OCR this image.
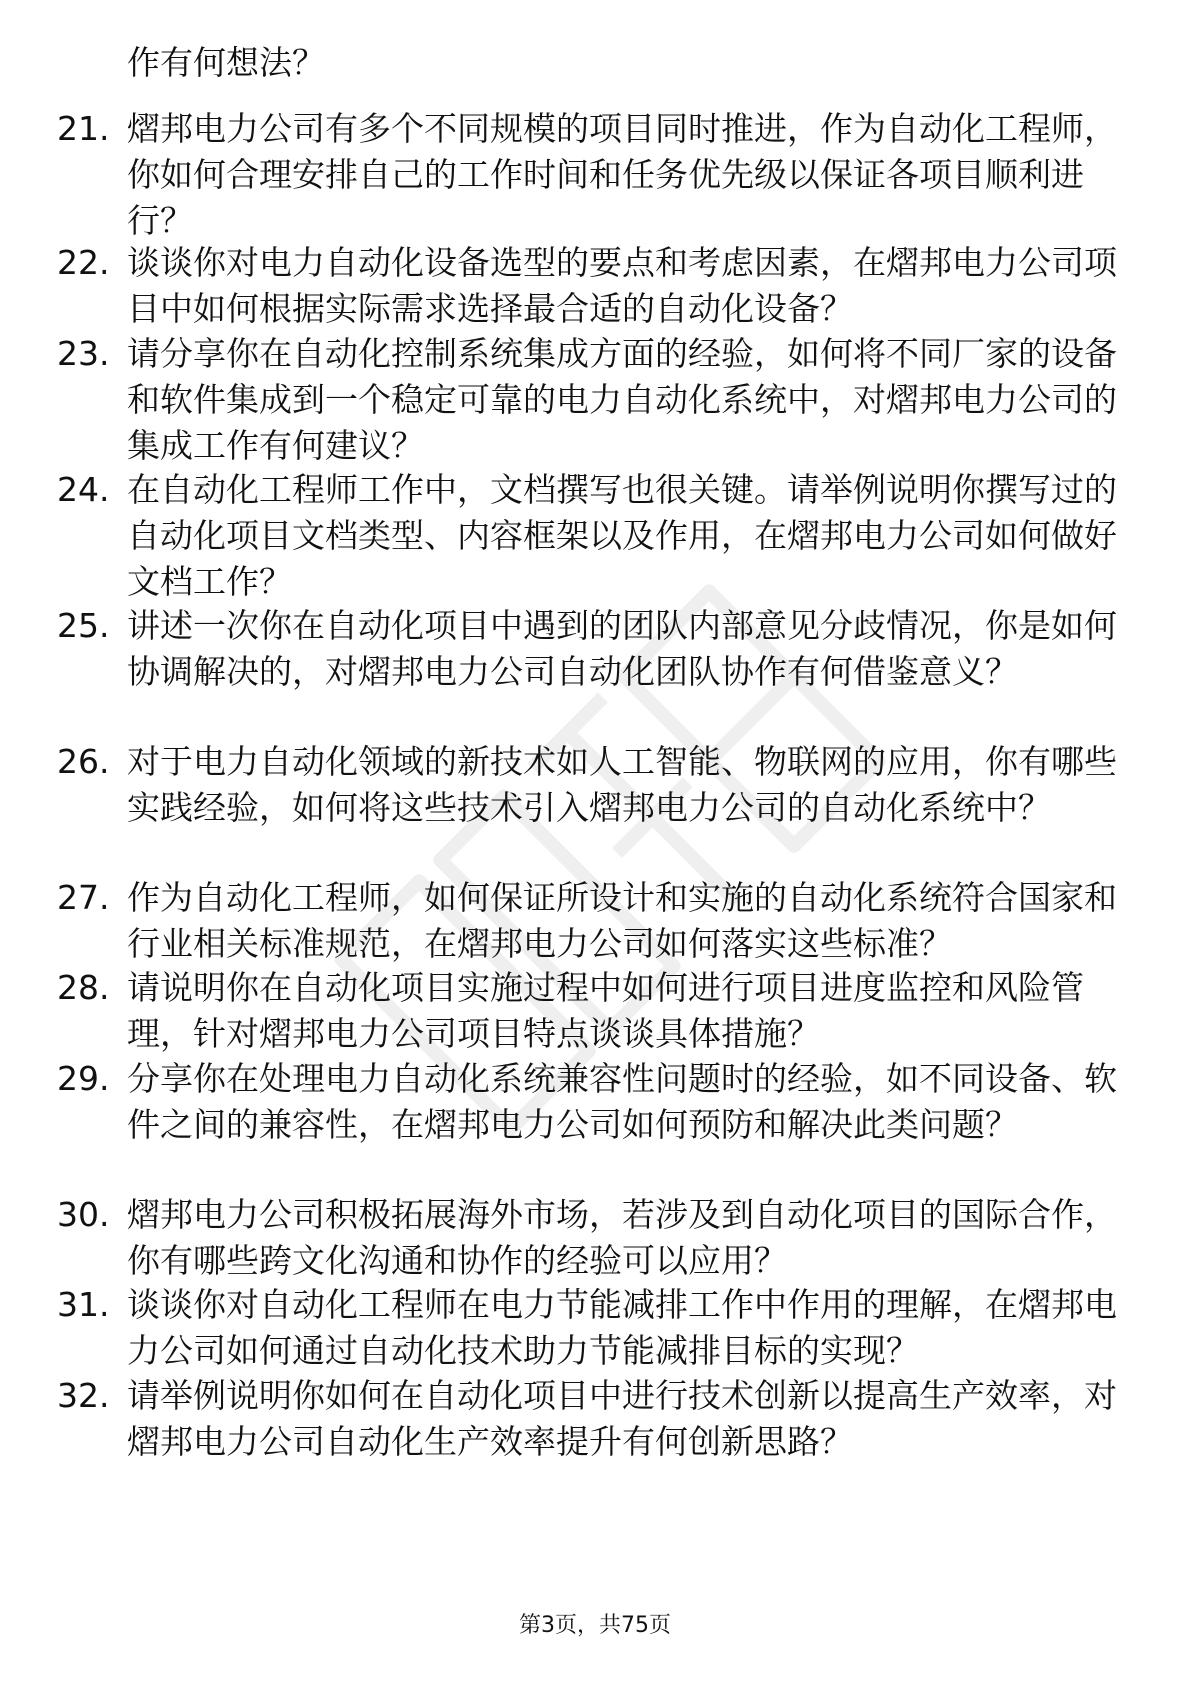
作有何想法？
21. 熠邦电力公司有多个不同规模的项目同时推进，作为自动化工程师，你如何合理安排自己的工作时间和任务优先级以保证各项目顺利进行？
22. 谈谈你对电力自动化设备选型的要点和考虑因素，在熠邦电力公司项目中如何根据实际需求选择最合适的自动化设备？
23. 请分享你在自动化控制系统集成方面的经验，如何将不同厂家的设备和软件集成到一个稳定可靠的电力自动化系统中，对熠邦电力公司的集成工作有何建议？
24. 在自动化工程师工作中，文档撰写也很关键。请举例说明你撰写过的自动化项目文档类型、内容框架以及作用，在熠邦电力公司如何做好文档工作？
25. 讲述一次你在自动化项目中遇到的团队内部意见分歧情况，你是如何协调解决的，对熠邦电力公司自动化团队协作有何借鉴意义？
26. 对于电力自动化领域的新技术如人工智能、物联网的应用，你有哪些实践经验，如何将这些技术引入熠邦电力公司的自动化系统中？
27. 作为自动化工程师，如何保证所设计和实施的自动化系统符合国家和行业相关标准规范，在熠邦电力公司如何落实这些标准？
28. 请说明你在自动化项目实施过程中如何进行项目进度监控和风险管理，针对熠邦电力公司项目特点谈谈具体措施？
29. 分享你在处理电力自动化系统兼容性问题时的经验，如不同设备、软件之间的兼容性，在熠邦电力公司如何预防和解决此类问题？
30. 熠邦电力公司积极拓展海外市场，若涉及到自动化项目的国际合作，你有哪些跨文化沟通和协作的经验可以应用？
31. 谈谈你对自动化工程师在电力节能减排工作中作用的理解，在熠邦电力公司如何通过自动化技术助力节能减排目标的实现？
32. 请举例说明你如何在自动化项目中进行技术创新以提高生产效率，对熠邦电力公司自动化生产效率提升有何创新思路？
第3页，共75页
